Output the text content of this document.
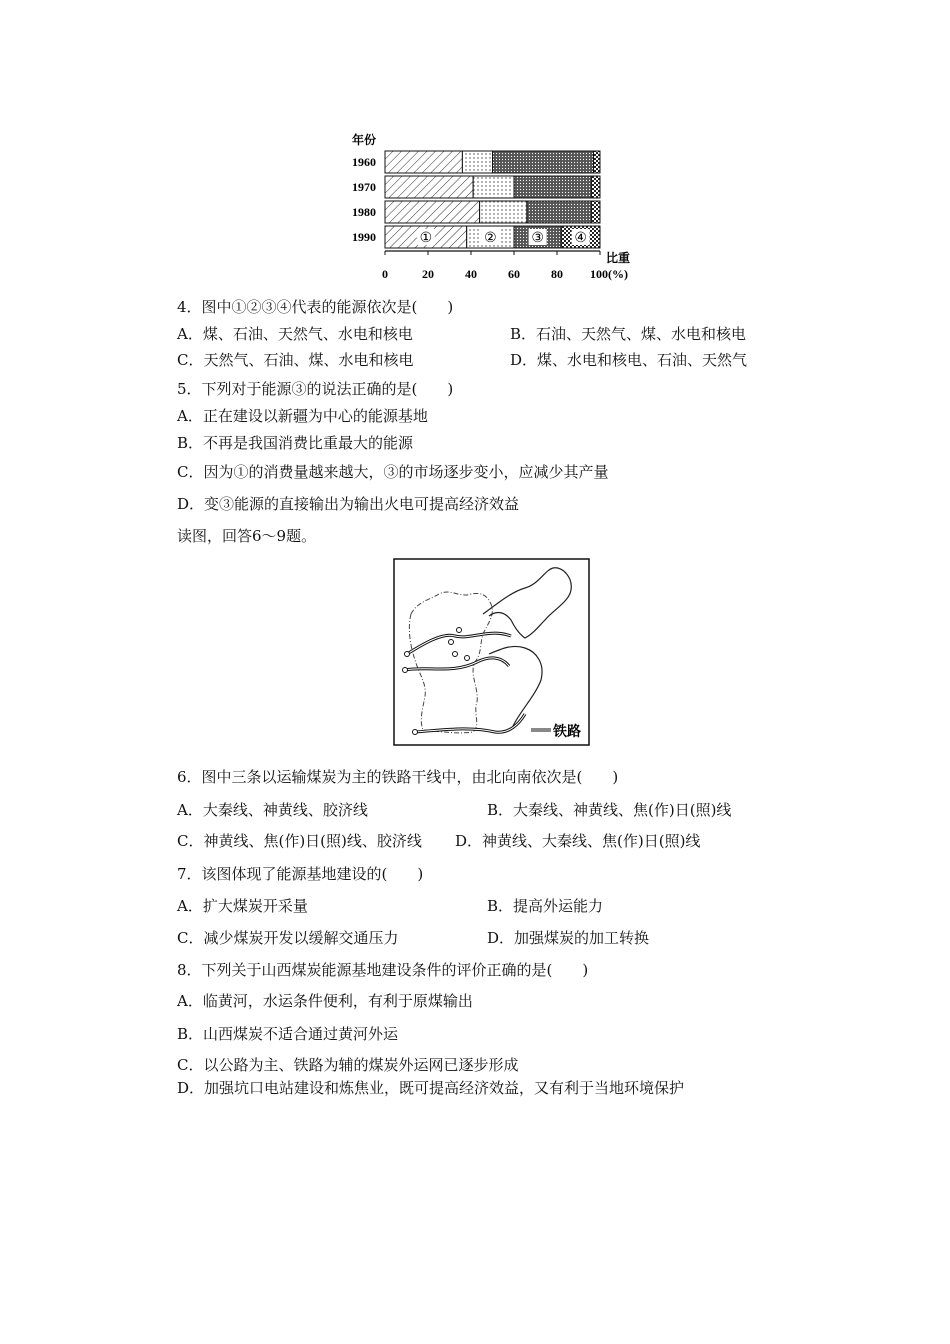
年份
1960
1970
1980
1990	①	② ③ ④
0	20	40	60	80 100(%)
比重
铁路
4．图中①②③④代表的能源依次是(　　)
A．煤、石油、天然气、水电和核电	B．石油、天然气、煤、水电和核电
C．天然气、石油、煤、水电和核电	D．煤、水电和核电、石油、天然气
5．下列对于能源③的说法正确的是(　　)
A．正在建设以新疆为中心的能源基地
B．不再是我国消费比重最大的能源
C．因为①的消费量越来越大，③的市场逐步变小，应减少其产量
D．变③能源的直接输出为输出火电可提高经济效益
读图，回答6～9题。
6．图中三条以运输煤炭为主的铁路干线中，由北向南依次是(　　)
A．大秦线、神黄线、胶济线	B．大秦线、神黄线、焦(作)日(照)线
C．神黄线、焦(作)日(照)线、胶济线 D．神黄线、大秦线、焦(作)日(照)线
7．该图体现了能源基地建设的(　　)
A．扩大煤炭开采量	B．提高外运能力
C．减少煤炭开发以缓解交通压力	D．加强煤炭的加工转换
8．下列关于山西煤炭能源基地建设条件的评价正确的是(　　)
A．临黄河，水运条件便利，有利于原煤输出
B．山西煤炭不适合通过黄河外运
C．以公路为主、铁路为辅的煤炭外运网已逐步形成
D．加强坑口电站建设和炼焦业，既可提高经济效益，又有利于当地环境保护
